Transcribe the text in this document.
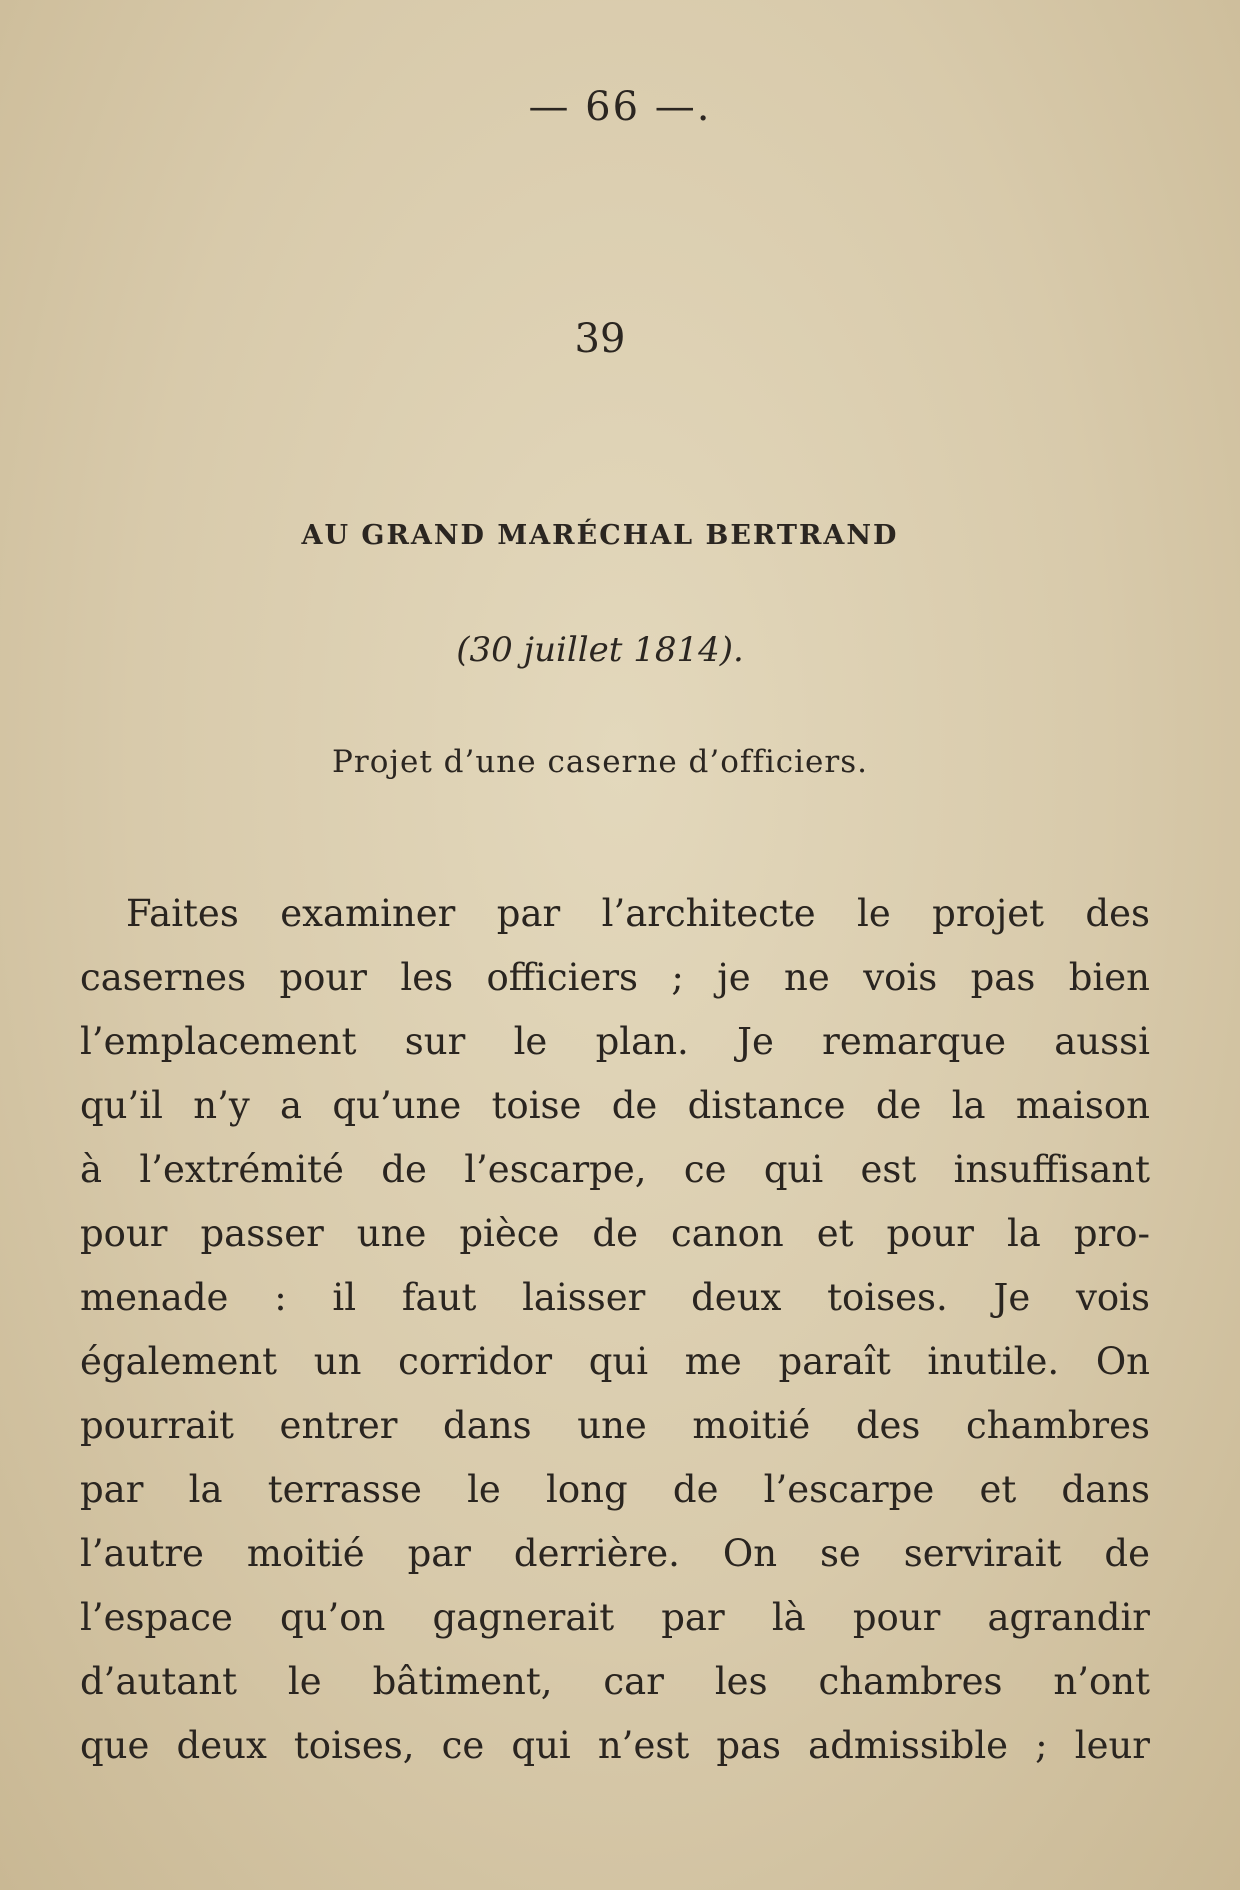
— 66 —.
39
AU GRAND MARÉCHAL BERTRAND
(30 juillet 1814).
Projet d’une caserne d’officiers.
Faites examiner par l’architecte le projet des
casernes pour les officiers ; je ne vois pas bien
l’emplacement sur le plan. Je remarque aussi
qu’il n’y a qu’une toise de distance de la maison
à l’extrémité de l’escarpe, ce qui est insuffisant
pour passer une pièce de canon et pour la pro-
menade : il faut laisser deux toises. Je vois
également un corridor qui me paraît inutile. On
pourrait entrer dans une moitié des chambres
par la terrasse le long de l’escarpe et dans
l’autre moitié par derrière. On se servirait de
l’espace qu’on gagnerait par là pour agrandir
d’autant le bâtiment, car les chambres n’ont
que deux toises, ce qui n’est pas admissible ; leur
